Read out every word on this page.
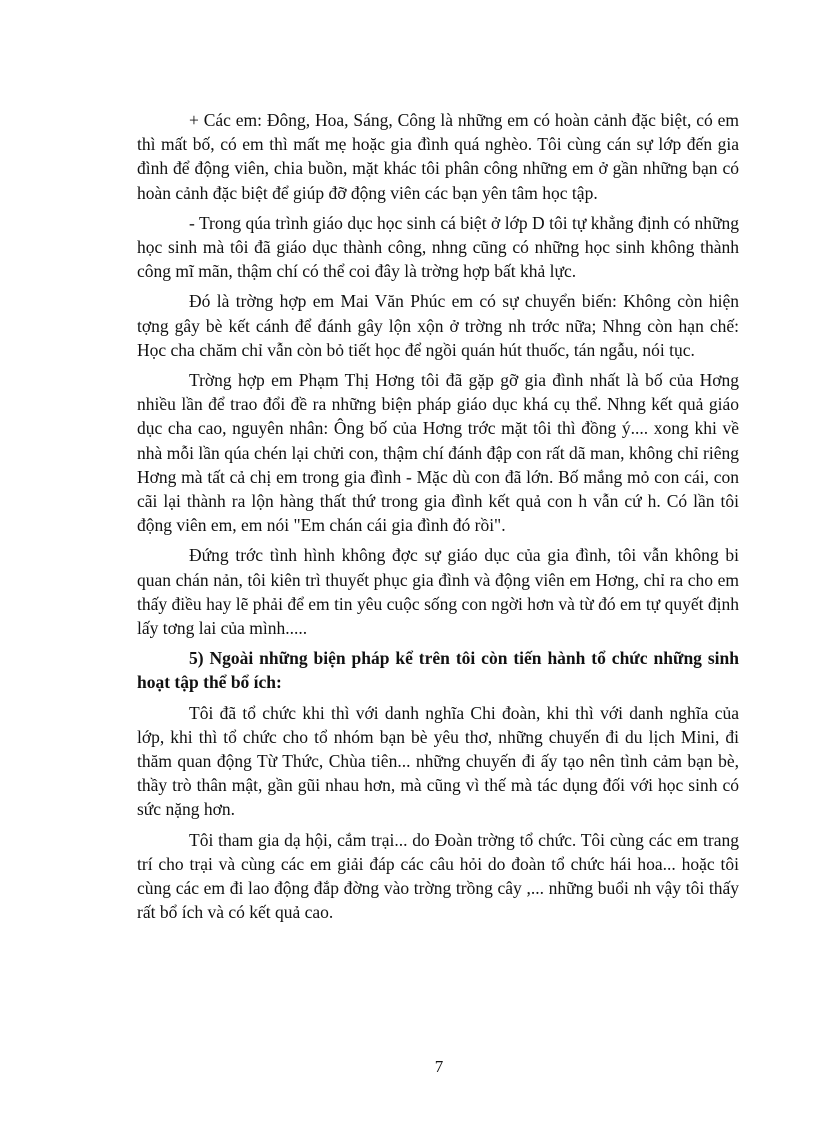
+ Các em: Đông, Hoa, Sáng, Công là những em có hoàn cảnh đặc biệt, có em thì mất bố, có em thì mất mẹ hoặc gia đình quá nghèo. Tôi cùng cán sự lớp đến gia đình để động viên, chia buồn, mặt khác tôi phân công những em ở gần những bạn có hoàn cảnh đặc biệt để giúp đỡ động viên các bạn yên tâm học tập.

- Trong qúa trình giáo dục học sinh cá biệt ở lớp D tôi tự khẳng định có những học sinh mà tôi đã giáo dục thành công, nhng cũng có những học sinh không thành công mĩ mãn, thậm chí có thể coi đây là trờng hợp bất khả lực.

Đó là trờng hợp em Mai Văn Phúc em có sự chuyển biến: Không còn hiện tợng gây bè kết cánh để đánh gây lộn xộn ở trờng nh trớc nữa; Nhng còn hạn chế: Học cha chăm chỉ vẫn còn bỏ tiết học để ngồi quán hút thuốc, tán ngẫu, nói tục.

Trờng hợp em Phạm Thị Hơng tôi đã gặp gỡ gia đình nhất là bố của Hơng nhiều lần để trao đổi đề ra những biện pháp giáo dục khá cụ thể. Nhng kết quả giáo dục cha cao, nguyên nhân: Ông bố của Hơng trớc mặt tôi thì đồng ý.... xong khi về nhà mỗi lần qúa chén lại chửi con, thậm chí đánh đập con rất dã man, không chỉ riêng Hơng mà tất cả chị em trong gia đình - Mặc dù con đã lớn. Bố mắng mỏ con cái, con cãi lại thành ra lộn hàng thất thứ trong gia đình kết quả con h vẫn cứ h. Có lần tôi động viên em, em nói "Em chán cái gia đình đó rồi".

Đứng trớc tình hình không đợc sự giáo dục của gia đình, tôi vẫn không bi quan chán nản, tôi kiên trì thuyết phục gia đình và động viên em Hơng, chỉ ra cho em thấy điều hay lẽ phải để em tin yêu cuộc sống con ngời hơn và từ đó em tự quyết định lấy tơng lai của mình.....

5) Ngoài những biện pháp kể trên tôi còn tiến hành tổ chức những sinh hoạt tập thể bổ ích:

Tôi đã tổ chức khi thì với danh nghĩa Chi đoàn, khi thì với danh nghĩa của lớp, khi thì tổ chức cho tổ nhóm bạn bè yêu thơ, những chuyến đi du lịch Mini, đi thăm quan động Từ Thức, Chùa tiên... những chuyến đi ấy tạo nên tình cảm bạn bè, thầy trò thân mật, gần gũi nhau hơn, mà cũng vì thế mà tác dụng đối với học sinh có sức nặng hơn.

Tôi tham gia dạ hội, cắm trại... do Đoàn trờng tổ chức. Tôi cùng các em trang trí cho trại và cùng các em giải đáp các câu hỏi do đoàn tổ chức hái hoa... hoặc tôi cùng các em đi lao động đắp đờng vào trờng trồng cây ,... những buổi nh vậy tôi thấy rất bổ ích và có kết quả cao.

7
